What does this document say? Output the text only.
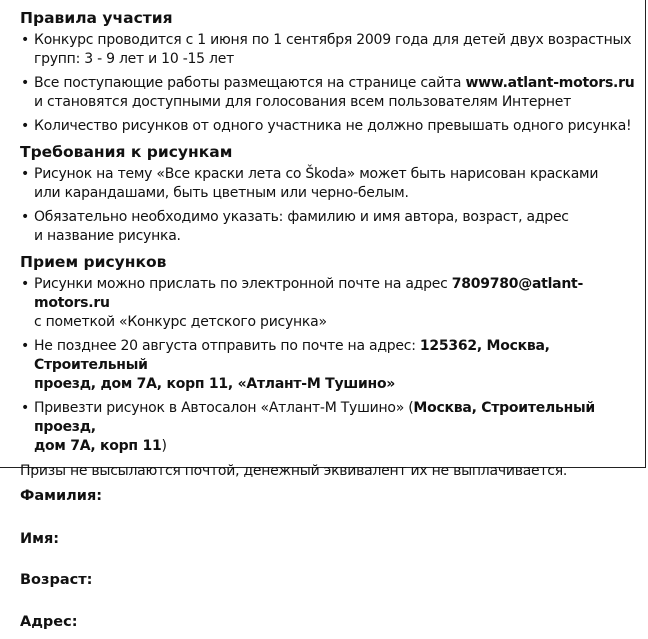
Правила участия
• Конкурс проводится с 1 июня по 1 сентября 2009 года для детей двух возрастных
групп: 3 - 9 лет и 10 -15 лет
• Все поступающие работы размещаются на странице сайта www.atlant-motors.ru
и становятся доступными для голосования всем пользователям Интернет
• Количество рисунков от одного участника не должно превышать одного рисунка!
Требования к рисункам
• Рисунок на тему «Все краски лета со Škoda» может быть нарисован красками
или карандашами, быть цветным или черно-белым.
• Обязательно необходимо указать: фамилию и имя автора, возраст, адрес
и название рисунка.
Прием рисунков
• Рисунки можно прислать по электронной почте на адрес 7809780@atlant-motors.ru
с пометкой «Конкурс детского рисунка»
• Не позднее 20 августа отправить по почте на адрес: 125362, Москва, Строительный
проезд, дом 7А, корп 11, «Атлант-М Тушино»
• Привезти рисунок в Автосалон «Атлант-М Тушино» (Москва, Строительный проезд,
дом 7А, корп 11)

Призы не высылаются почтой, денежный эквивалент их не выплачивается.

Фамилия:
Имя:
Возраст:
Адрес:
